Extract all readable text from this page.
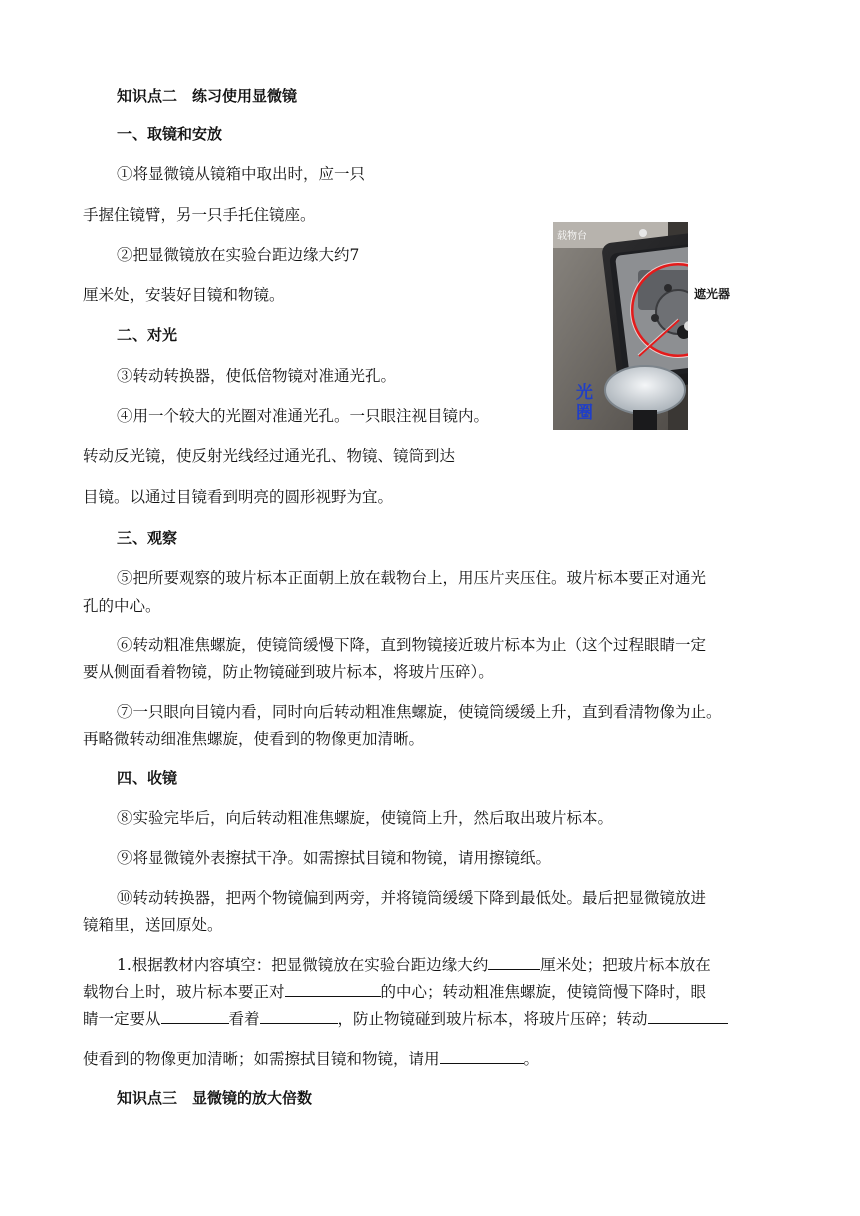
知识点二　练习使用显微镜
一、取镜和安放
①将显微镜从镜箱中取出时，应一只
手握住镜臂，另一只手托住镜座。
②把显微镜放在实验台距边缘大约7
厘米处，安装好目镜和物镜。
二、对光
③转动转换器，使低倍物镜对准通光孔。
④用一个较大的光圈对准通光孔。一只眼注视目镜内。
转动反光镜，使反射光线经过通光孔、物镜、镜筒到达
目镜。以通过目镜看到明亮的圆形视野为宜。
载物台
遮光器
光圈
三、观察
⑤把所要观察的玻片标本正面朝上放在载物台上，用压片夹压住。玻片标本要正对通光
孔的中心。
⑥转动粗准焦螺旋，使镜筒缓慢下降，直到物镜接近玻片标本为止（这个过程眼睛一定
要从侧面看着物镜，防止物镜碰到玻片标本，将玻片压碎）。
⑦一只眼向目镜内看，同时向后转动粗准焦螺旋，使镜筒缓缓上升，直到看清物像为止。
再略微转动细准焦螺旋，使看到的物像更加清晰。
四、收镜
⑧实验完毕后，向后转动粗准焦螺旋，使镜筒上升，然后取出玻片标本。
⑨将显微镜外表擦拭干净。如需擦拭目镜和物镜，请用擦镜纸。
⑩转动转换器，把两个物镜偏到两旁，并将镜筒缓缓下降到最低处。最后把显微镜放进
镜箱里，送回原处。
1.根据教材内容填空：把显微镜放在实验台距边缘大约	厘米处；把玻片标本放在
载物台上时，玻片标本要正对	的中心；转动粗准焦螺旋，使镜筒慢下降时，眼
睛一定要从	看着	，防止物镜碰到玻片标本，将玻片压碎；转动
使看到的物像更加清晰；如需擦拭目镜和物镜，请用	。
知识点三　显微镜的放大倍数
